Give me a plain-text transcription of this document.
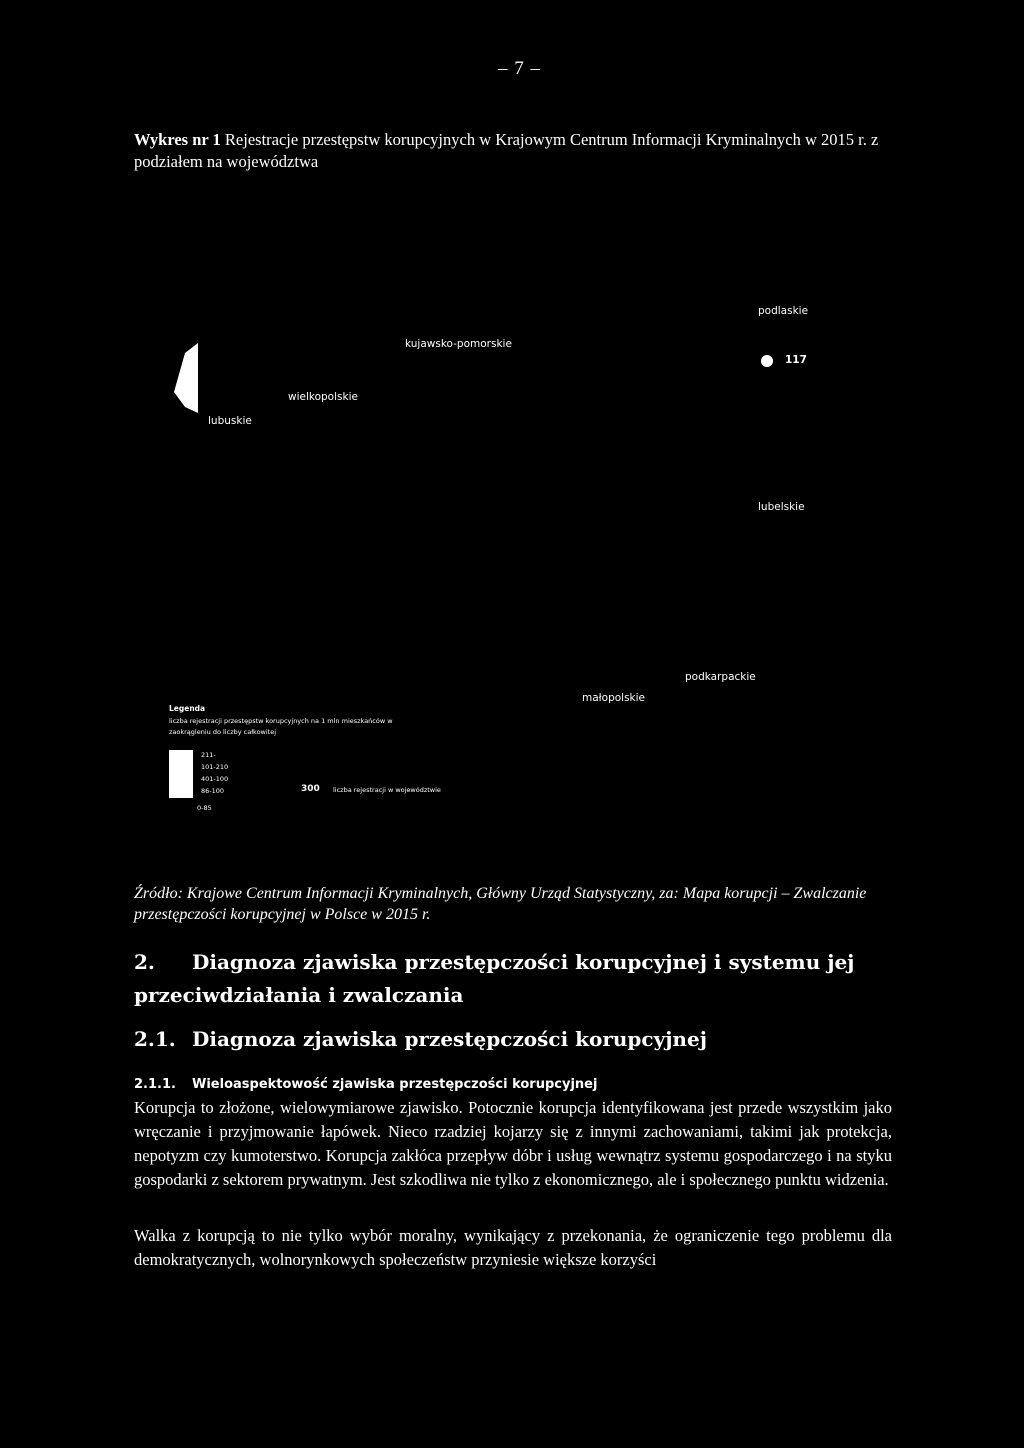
– 7 –
Wykres nr 1 Rejestracje przestępstw korupcyjnych w Krajowym Centrum Informacji Kryminalnych w 2015 r. z podziałem na województwa
podlaskie
117
kujawsko-pomorskie
wielkopolskie
lubuskie
lubelskie
podkarpackie
małopolskie
Legenda
liczba rejestracji przestępstw korupcyjnych na 1 mln mieszkańców w zaokrągleniu do liczby całkowitej
211-
101-210
401-100
86-100
0-85
300 liczba rejestracji w województwie
Źródło: Krajowe Centrum Informacji Kryminalnych, Główny Urząd Statystyczny, za: Mapa korupcji – Zwalczanie przestępczości korupcyjnej w Polsce w 2015 r.
2. Diagnoza zjawiska przestępczości korupcyjnej i systemu jej przeciwdziałania i zwalczania
2.1. Diagnoza zjawiska przestępczości korupcyjnej
2.1.1. Wieloaspektowość zjawiska przestępczości korupcyjnej
Korupcja to złożone, wielowymiarowe zjawisko. Potocznie korupcja identyfikowana jest przede wszystkim jako wręczanie i przyjmowanie łapówek. Nieco rzadziej kojarzy się z innymi zachowaniami, takimi jak protekcja, nepotyzm czy kumoterstwo. Korupcja zakłóca przepływ dóbr i usług wewnątrz systemu gospodarczego i na styku gospodarki z sektorem prywatnym. Jest szkodliwa nie tylko z ekonomicznego, ale i społecznego punktu widzenia.
Walka z korupcją to nie tylko wybór moralny, wynikający z przekonania, że ograniczenie tego problemu dla demokratycznych, wolnorynkowych społeczeństw przyniesie większe korzyści
